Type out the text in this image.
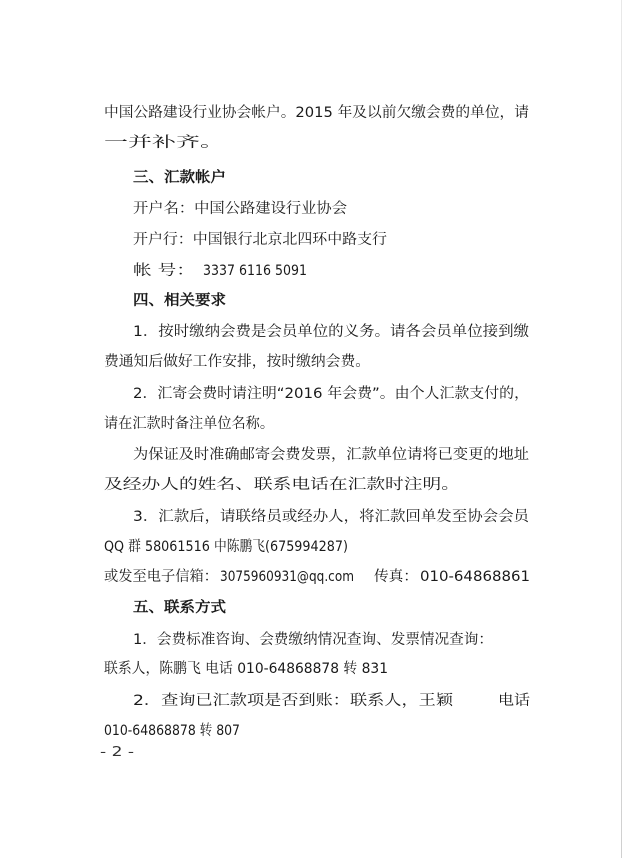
中国公路建设行业协会帐户。2015 年及以前欠缴会费的单位，请
一并补齐。
三、汇款帐户
开户名：中国公路建设行业协会
开户行：中国银行北京北四环中路支行
帐 号： 3337 6116 5091
四、相关要求
1．按时缴纳会费是会员单位的义务。请各会员单位接到缴
费通知后做好工作安排，按时缴纳会费。
2．汇寄会费时请注明“2016 年会费”。由个人汇款支付的，
请在汇款时备注单位名称。
为保证及时准确邮寄会费发票，汇款单位请将已变更的地址
及经办人的姓名、联系电话在汇款时注明。
3．汇款后，请联络员或经办人，将汇款回单发至协会会员
QQ 群 58061516 中陈鹏飞(675994287)
或发至电子信箱： 3075960931@qq.com	传真： 010-64868861
五、联系方式
1．会费标准咨询、会费缴纳情况查询、发票情况查询：
联系人，陈鹏飞 电话 010-64868878 转 831
2．查询已汇款项是否到账：联系人，王颖	电话
010-64868878 转 807
- 2 -
